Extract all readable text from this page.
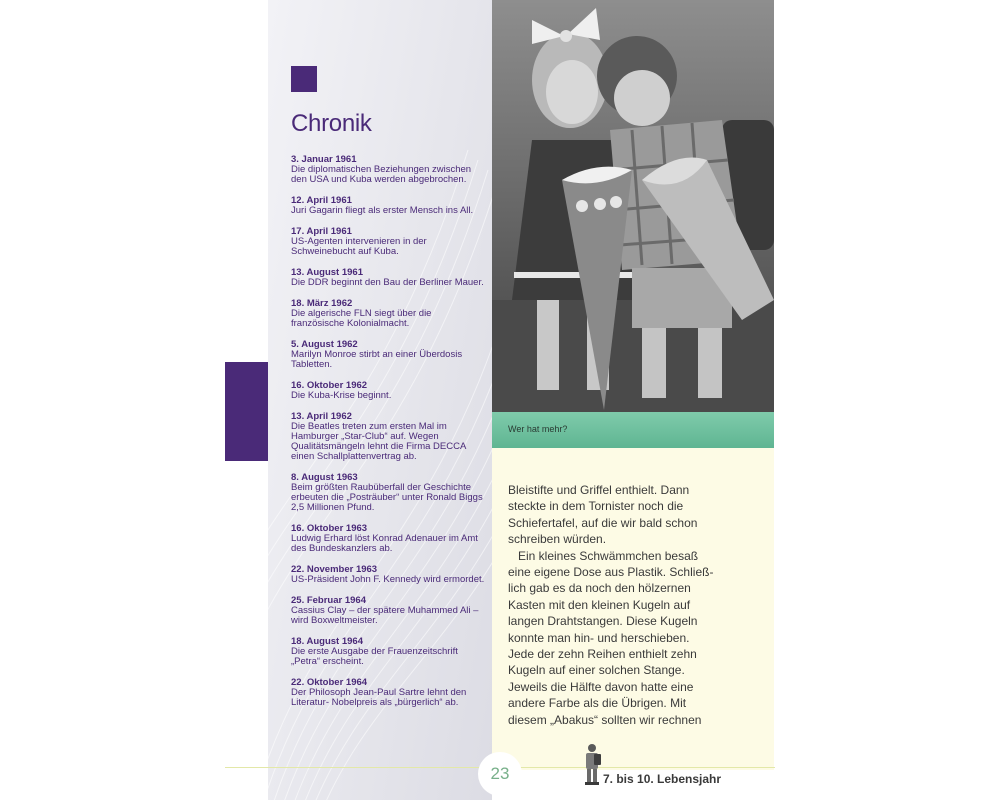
Chronik
3. Januar 1961
Die diplomatischen Beziehungen zwischen den USA und Kuba werden abgebrochen.
12. April 1961
Juri Gagarin fliegt als erster Mensch ins All.
17. April 1961
US-Agenten intervenieren in der Schweinebucht auf Kuba.
13. August 1961
Die DDR beginnt den Bau der Berliner Mauer.
18. März 1962
Die algerische FLN siegt über die französische Kolonialmacht.
5. August 1962
Marilyn Monroe stirbt an einer Überdosis Tabletten.
16. Oktober 1962
Die Kuba-Krise beginnt.
13. April 1962
Die Beatles treten zum ersten Mal im Hamburger „Star-Club“ auf. Wegen Qualitätsmängeln lehnt die Firma DECCA einen Schallplattenvertrag ab.
8. August 1963
Beim größten Raubüberfall der Geschichte erbeuten die „Posträuber“ unter Ronald Biggs 2,5 Millionen Pfund.
16. Oktober 1963
Ludwig Erhard löst Konrad Adenauer im Amt des Bundeskanzlers ab.
22. November 1963
US-Präsident John F. Kennedy wird ermordet.
25. Februar 1964
Cassius Clay – der spätere Muhammed Ali – wird Boxweltmeister.
18. August 1964
Die erste Ausgabe der Frauenzeitschrift „Petra“ erscheint.
22. Oktober 1964
Der Philosoph Jean-Paul Sartre lehnt den Literatur- Nobelpreis als „bürgerlich“ ab.
Wer hat mehr?

Bleistifte und Griffel enthielt. Dann
steckte in dem Tornister noch die
Schiefertafel, auf die wir bald schon
schreiben würden.
Ein kleines Schwämmchen besaß
eine eigene Dose aus Plastik. Schließ-
lich gab es da noch den hölzernen
Kasten mit den kleinen Kugeln auf
langen Drahtstangen. Diese Kugeln
konnte man hin- und herschieben.
Jede der zehn Reihen enthielt zehn
Kugeln auf einer solchen Stange.
Jeweils die Hälfte davon hatte eine
andere Farbe als die Übrigen. Mit
diesem „Abakus“ sollten wir rechnen

23	7. bis 10. Lebensjahr
